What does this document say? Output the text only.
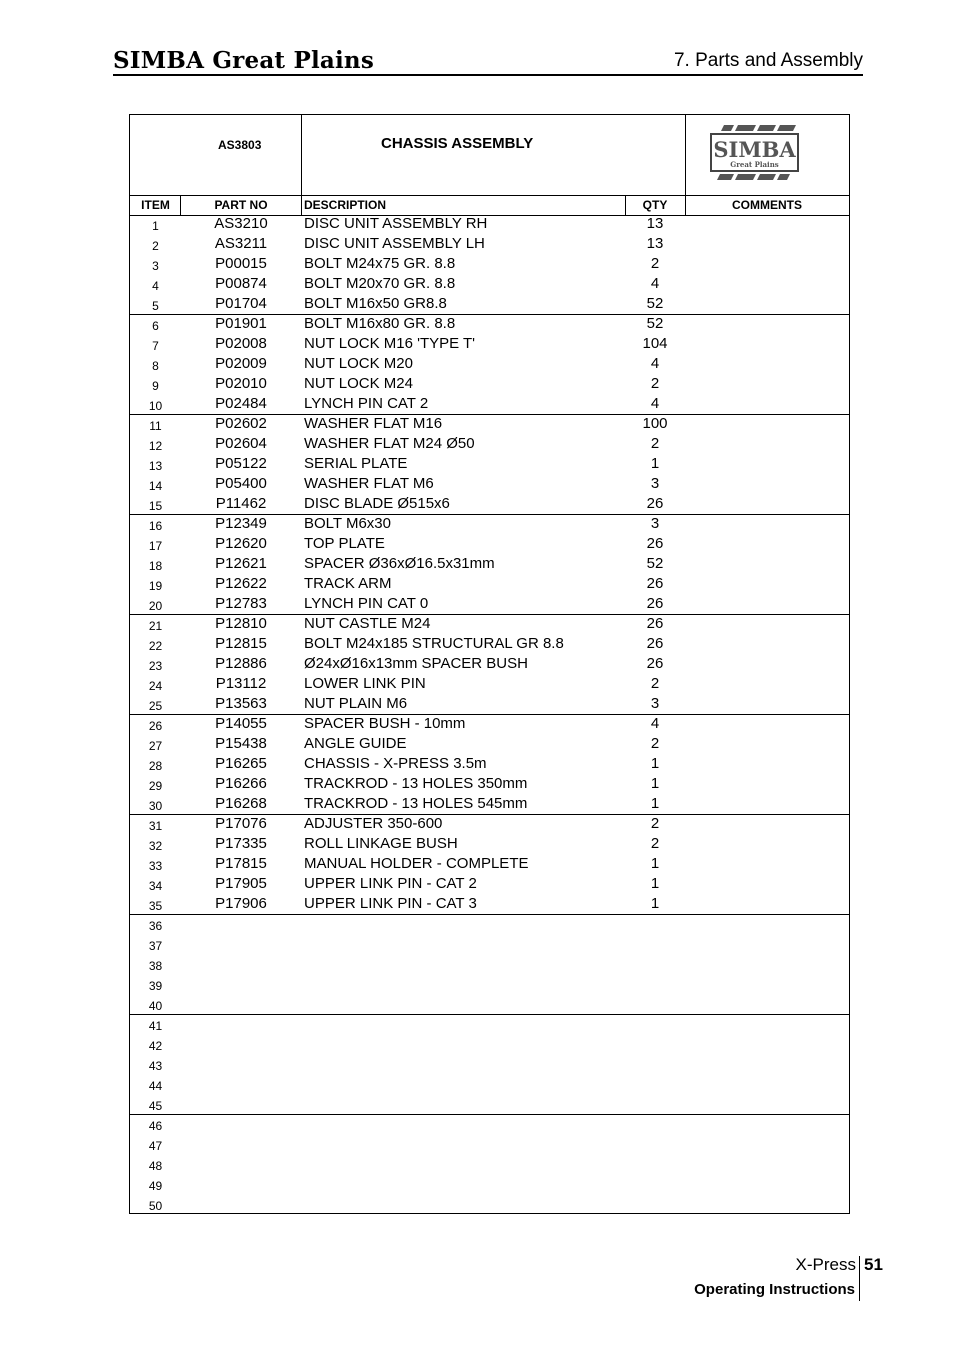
SIMBA Great Plains	7. Parts and Assembly
AS3803	CHASSIS ASSEMBLY	SIMBA
Great Plains
ITEM	PART NO	DESCRIPTION	QTY	COMMENTS
1	AS3210	DISC UNIT ASSEMBLY RH	13
2	AS3211	DISC UNIT ASSEMBLY LH	13
3	P00015	BOLT M24x75 GR. 8.8	2
4	P00874	BOLT M20x70 GR. 8.8	4
5	P01704	BOLT M16x50 GR8.8	52
6	P01901	BOLT M16x80 GR. 8.8	52
7	P02008	NUT LOCK M16 'TYPE T'	104
8	P02009	NUT LOCK M20	4
9	P02010	NUT LOCK M24	2
10	P02484	LYNCH PIN CAT 2	4
11	P02602	WASHER FLAT M16	100
12	P02604	WASHER FLAT M24 Ø50	2
13	P05122	SERIAL PLATE	1
14	P05400	WASHER FLAT M6	3
15	P11462	DISC BLADE Ø515x6	26
16	P12349	BOLT M6x30	3
17	P12620	TOP PLATE	26
18	P12621	SPACER Ø36xØ16.5x31mm	52
19	P12622	TRACK ARM	26
20	P12783	LYNCH PIN CAT 0	26
21	P12810	NUT CASTLE M24	26
22	P12815	BOLT M24x185 STRUCTURAL GR 8.8	26
23	P12886	Ø24xØ16x13mm SPACER BUSH	26
24	P13112	LOWER LINK PIN	2
25	P13563	NUT PLAIN M6	3
26	P14055	SPACER BUSH - 10mm	4
27	P15438	ANGLE GUIDE	2
28	P16265	CHASSIS - X-PRESS 3.5m	1
29	P16266	TRACKROD - 13 HOLES 350mm	1
30	P16268	TRACKROD - 13 HOLES 545mm	1
31	P17076	ADJUSTER 350-600	2
32	P17335	ROLL LINKAGE BUSH	2
33	P17815	MANUAL HOLDER - COMPLETE	1
34	P17905	UPPER LINK PIN - CAT 2	1
35	P17906	UPPER LINK PIN - CAT 3	1
36
37
38
39
40
41
42
43
44
45
46
47
48
49
50
X-Press 51
Operating Instructions
